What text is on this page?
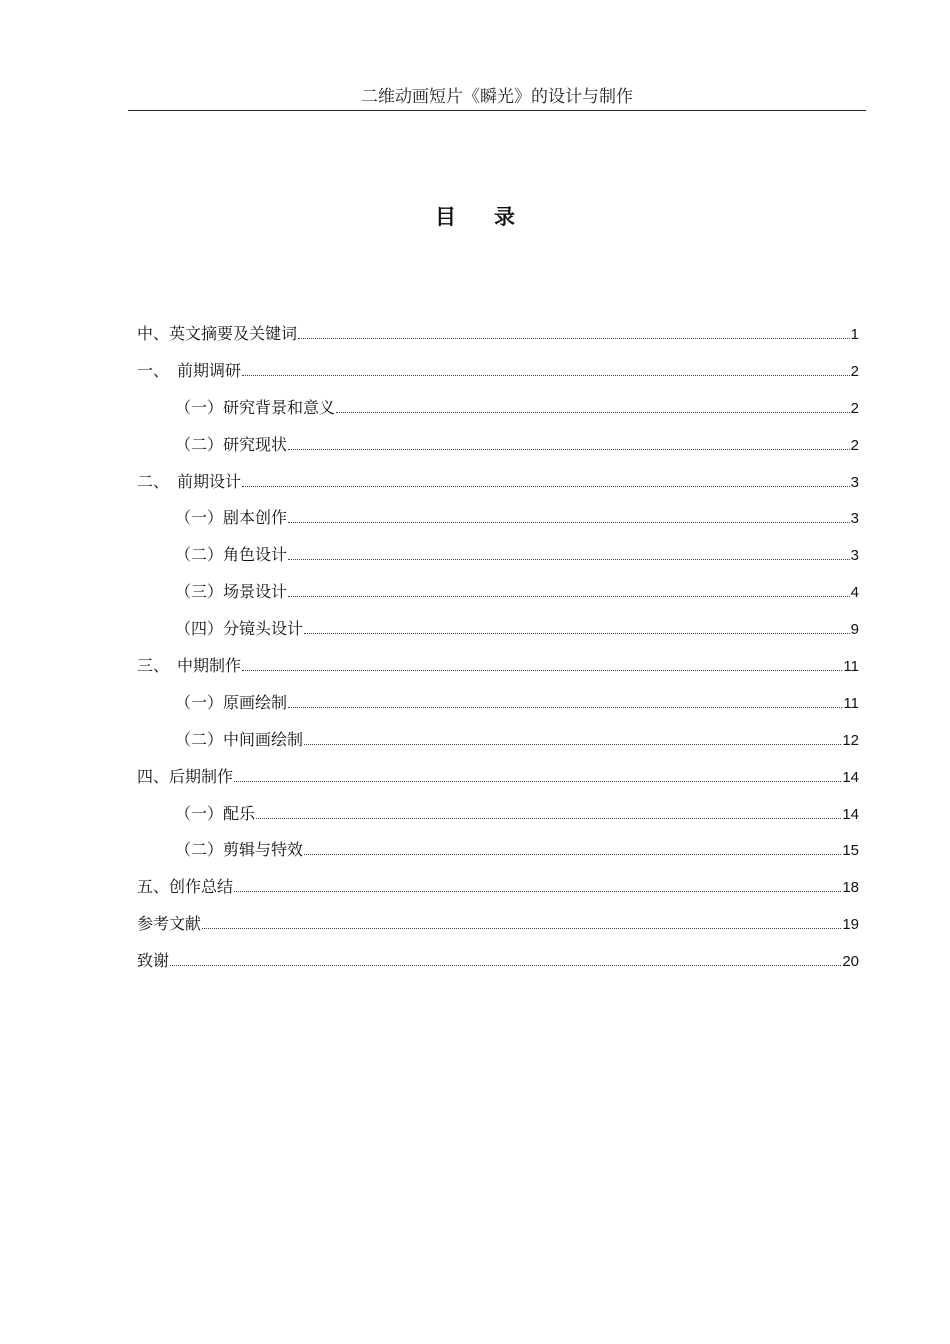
二维动画短片《瞬光》的设计与制作
目 录
中、英文摘要及关键词	1
一、　前期调研	2
（一）研究背景和意义	2
（二）研究现状	2
二、　前期设计	3
（一）剧本创作	3
（二）角色设计	3
（三）场景设计	4
（四）分镜头设计	9
三、　中期制作	11
（一）原画绘制	11
（二）中间画绘制	12
四、后期制作	14
（一）配乐	14
（二）剪辑与特效	15
五、创作总结	18
参考文献	19
致谢	20
